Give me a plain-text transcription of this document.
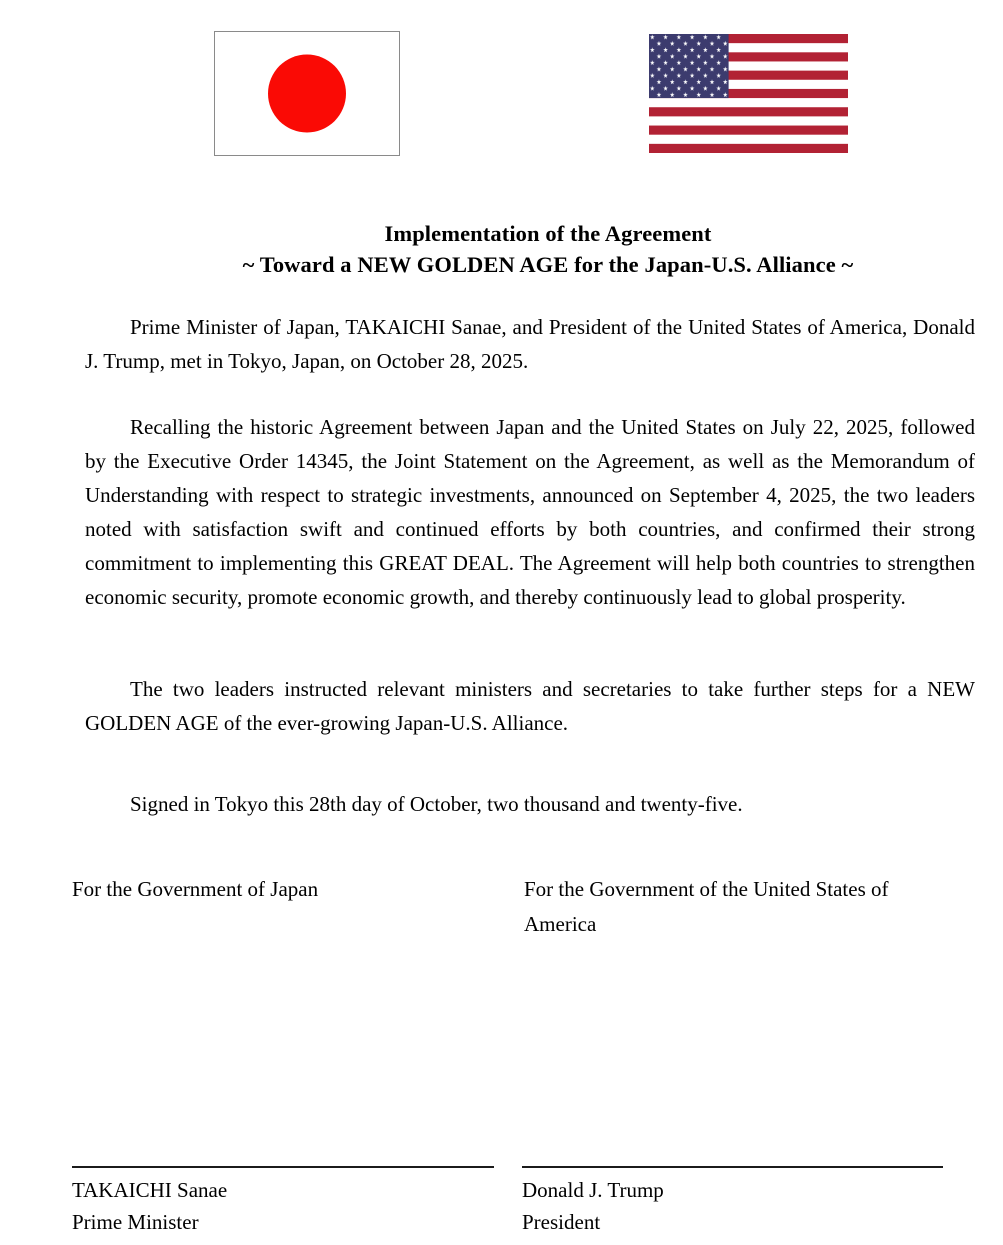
Implementation of the Agreement
~ Toward a NEW GOLDEN AGE for the Japan-U.S. Alliance ~

Prime Minister of Japan, TAKAICHI Sanae, and President of the United States of America, Donald J. Trump, met in Tokyo, Japan, on October 28, 2025.

Recalling the historic Agreement between Japan and the United States on July 22, 2025, followed by the Executive Order 14345, the Joint Statement on the Agreement, as well as the Memorandum of Understanding with respect to strategic investments, announced on September 4, 2025, the two leaders noted with satisfaction swift and continued efforts by both countries, and confirmed their strong commitment to implementing this GREAT DEAL. The Agreement will help both countries to strengthen economic security, promote economic growth, and thereby continuously lead to global prosperity.

The two leaders instructed relevant ministers and secretaries to take further steps for a NEW GOLDEN AGE of the ever-growing Japan-U.S. Alliance.

Signed in Tokyo this 28th day of October, two thousand and twenty-five.

For the Government of Japan	For the Government of the United States of America
TAKAICHI Sanae
Prime Minister
Donald J. Trump
President
